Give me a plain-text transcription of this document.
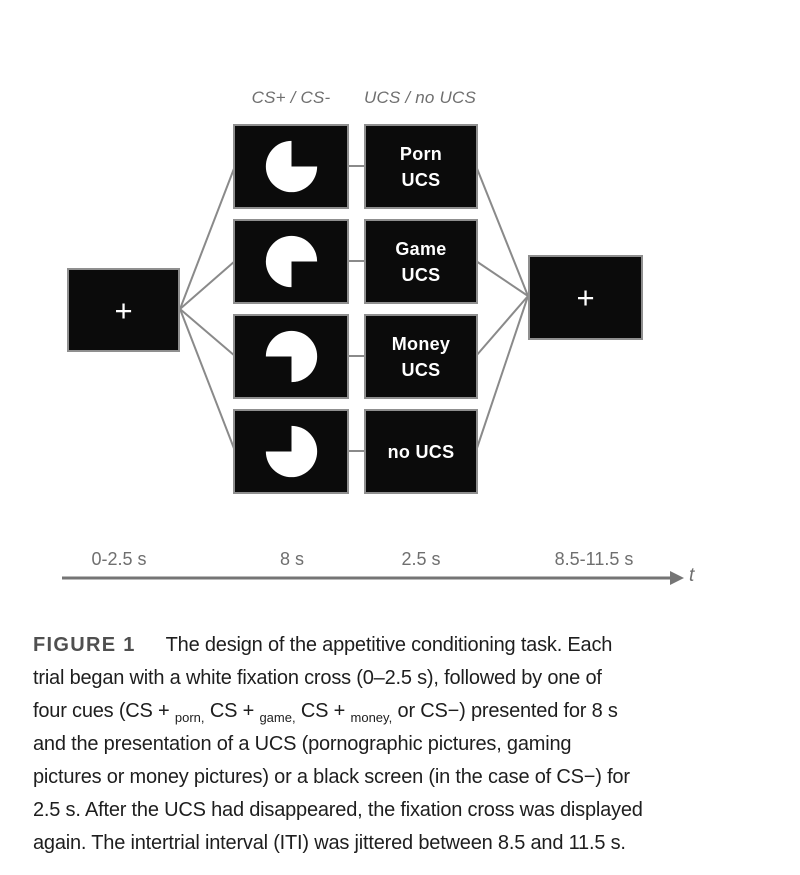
CS+ / CS-	UCS / no UCS
+
Porn
UCS
Game
UCS
Money
UCS
no UCS
+
0-2.5 s	8 s	2.5 s	8.5-11.5 s
t
FIGURE 1 The design of the appetitive conditioning task. Each
trial began with a white fixation cross (0–2.5 s), followed by one of
four cues (CS + $_{porn,}$ CS + $_{game,}$ CS + $_{money,}$ or CS−) presented for 8 s
and the presentation of a UCS (pornographic pictures, gaming
pictures or money pictures) or a black screen (in the case of CS−) for
2.5 s. After the UCS had disappeared, the fixation cross was displayed
again. The intertrial interval (ITI) was jittered between 8.5 and 11.5 s.
